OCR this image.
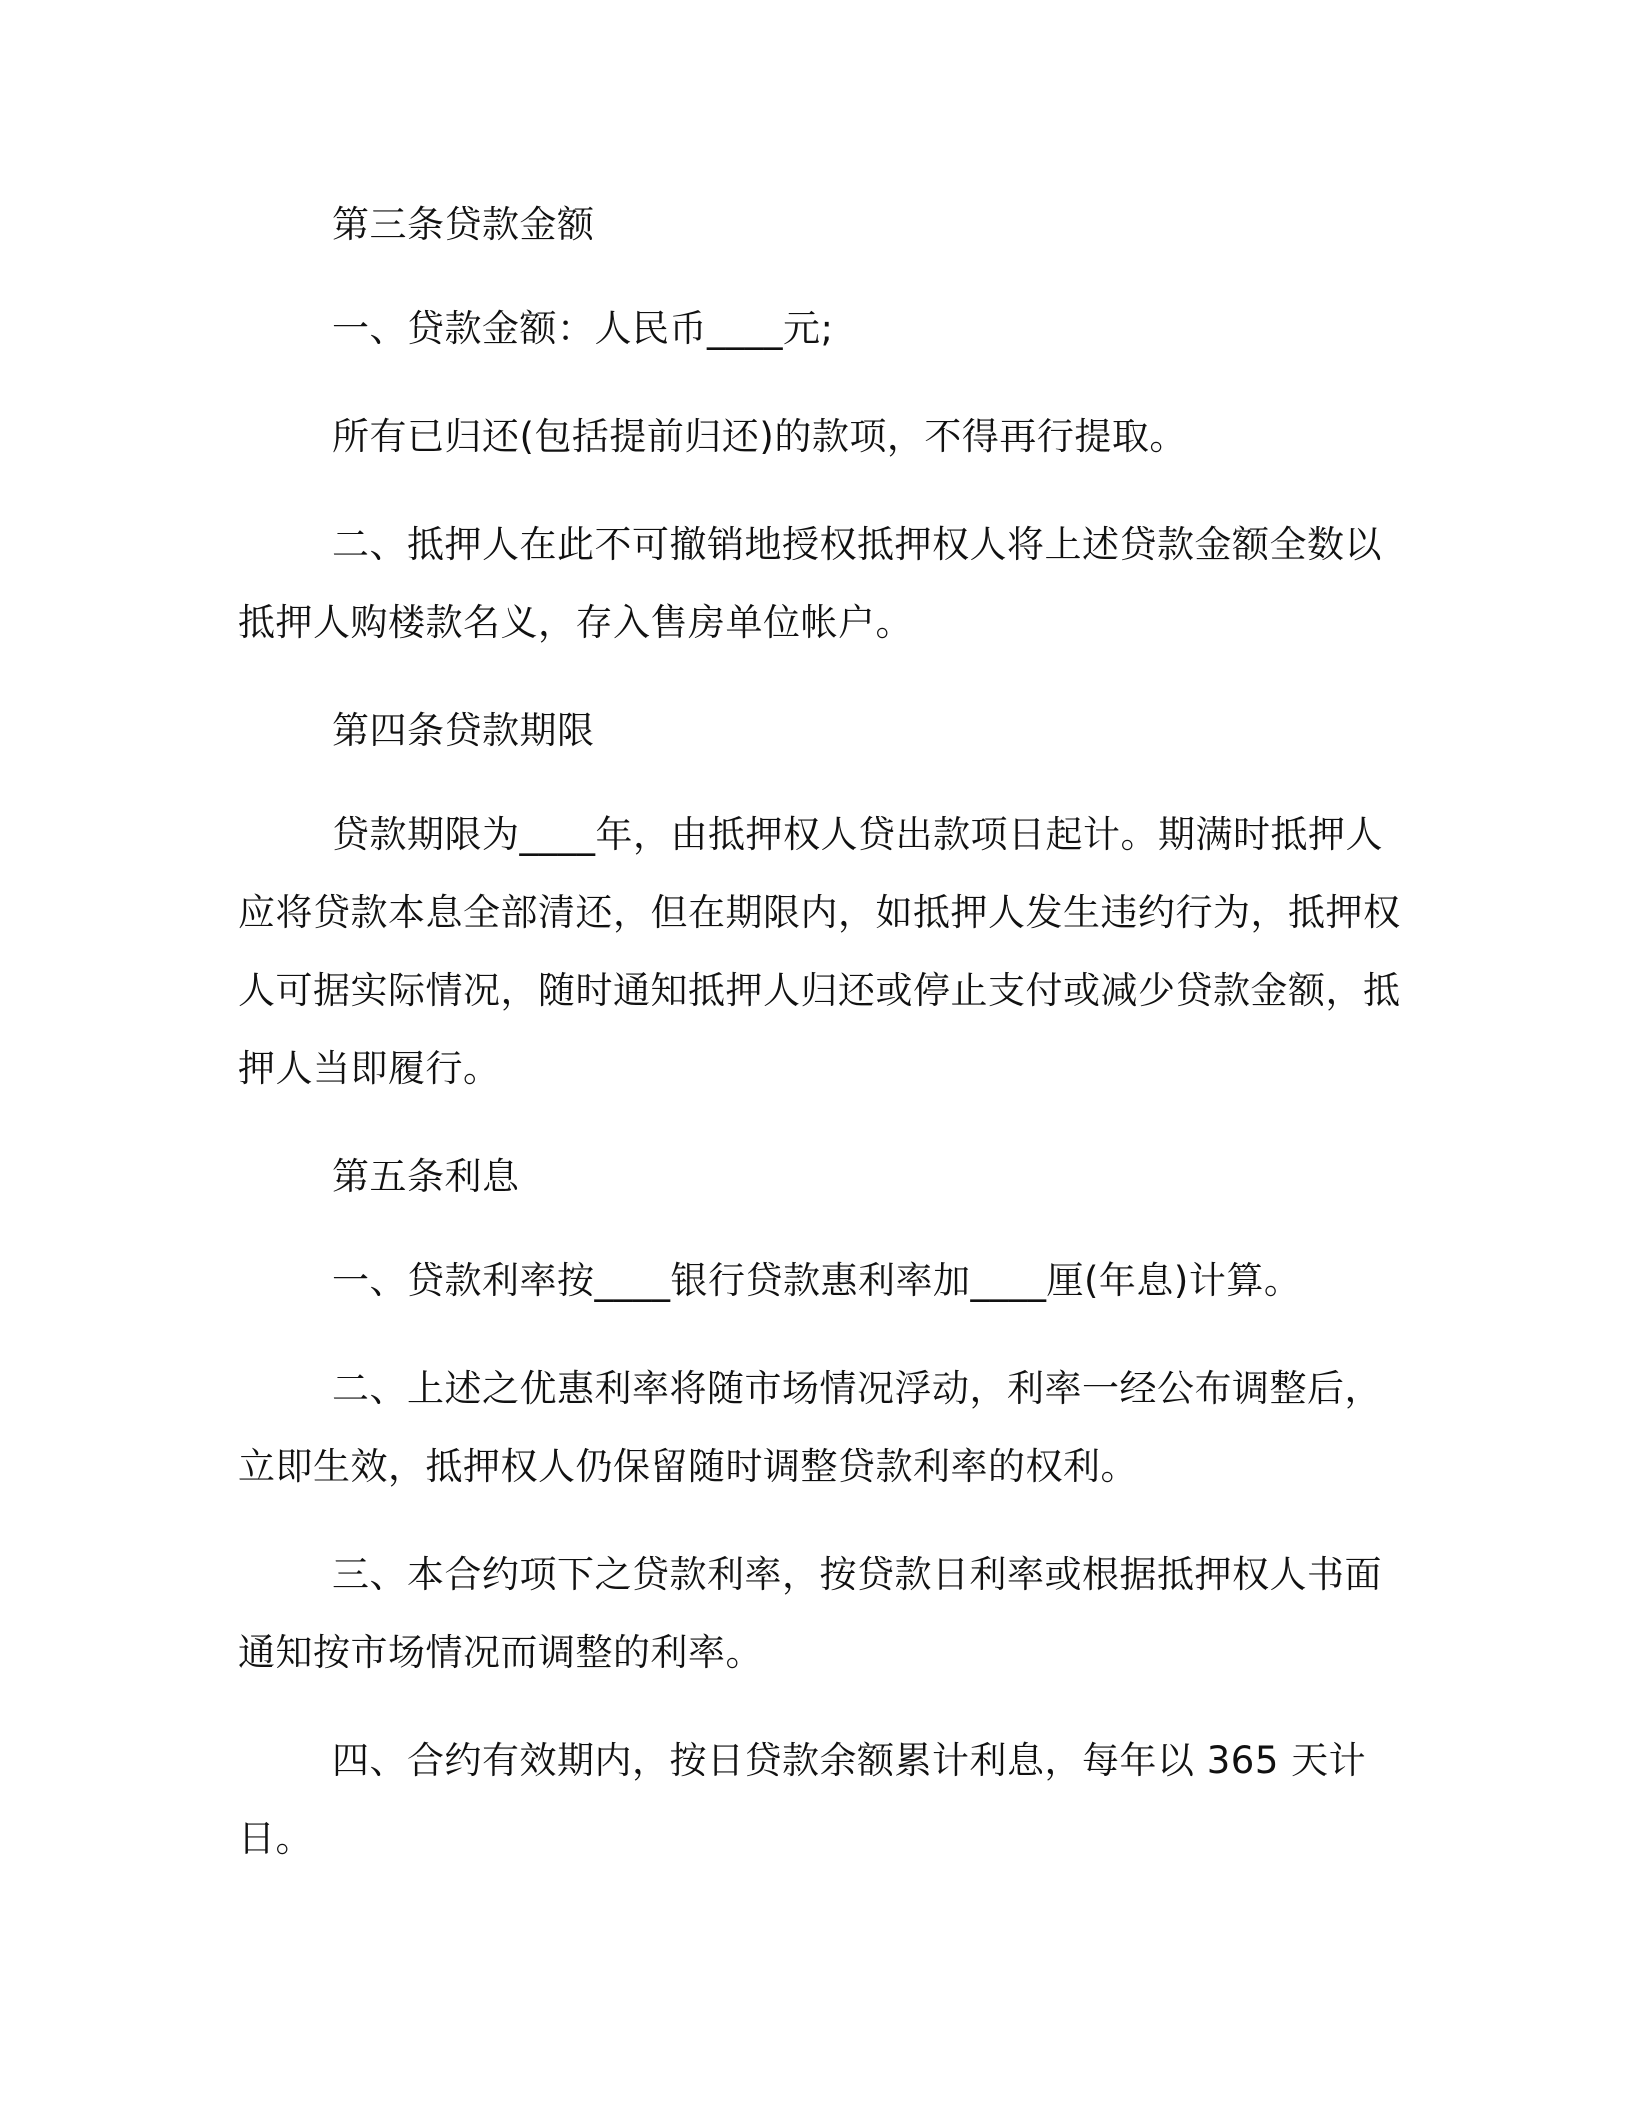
第三条贷款金额

一、贷款金额：人民币____元;

所有已归还(包括提前归还)的款项，不得再行提取。

二、抵押人在此不可撤销地授权抵押权人将上述贷款金额全数以抵押人购楼款名义，存入售房单位帐户。

第四条贷款期限

贷款期限为____年，由抵押权人贷出款项日起计。期满时抵押人应将贷款本息全部清还，但在期限内，如抵押人发生违约行为，抵押权人可据实际情况，随时通知抵押人归还或停止支付或减少贷款金额，抵押人当即履行。

第五条利息

一、贷款利率按____银行贷款惠利率加____厘(年息)计算。

二、上述之优惠利率将随市场情况浮动，利率一经公布调整后，立即生效，抵押权人仍保留随时调整贷款利率的权利。

三、本合约项下之贷款利率，按贷款日利率或根据抵押权人书面通知按市场情况而调整的利率。

四、合约有效期内，按日贷款余额累计利息，每年以 365 天计日。
